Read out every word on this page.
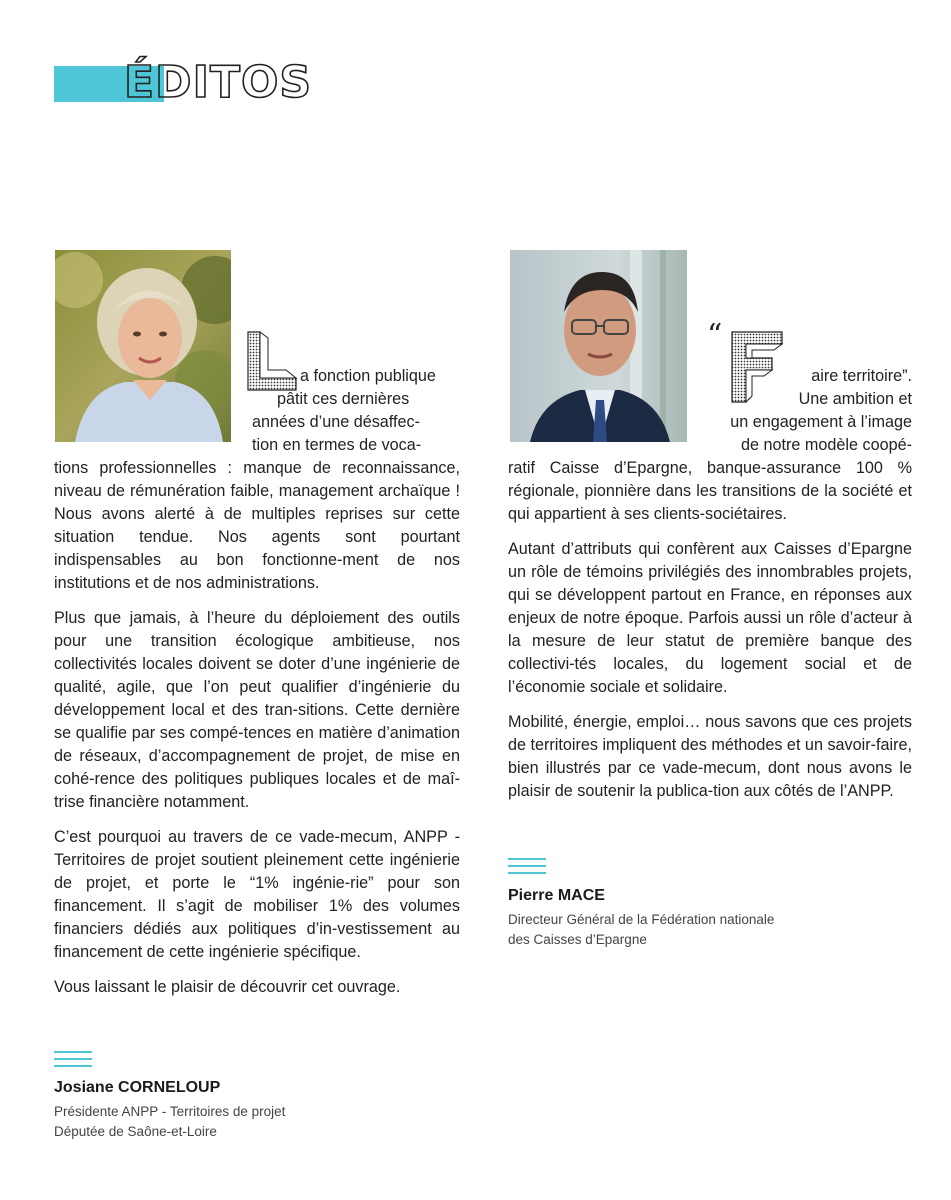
ÉDITOS
a fonction publique
pâtit ces dernières
années d’une désaffec-
tion en termes de voca-

tions professionnelles : manque de reconnaissance, niveau de rémunération faible, management archaïque ! Nous avons alerté à de multiples reprises sur cette situation tendue. Nos agents sont pourtant indispensables au bon fonctionne-ment de nos institutions et de nos administrations.

Plus que jamais, à l’heure du déploiement des outils pour une transition écologique ambitieuse, nos collectivités locales doivent se doter d’une ingénierie de qualité, agile, que l’on peut qualifier d’ingénierie du développement local et des tran-sitions. Cette dernière se qualifie par ses compé-tences en matière d’animation de réseaux, d’accompagnement de projet, de mise en cohé-rence des politiques publiques locales et de maî-trise financière notamment.

C’est pourquoi au travers de ce vade-mecum, ANPP - Territoires de projet soutient pleinement cette ingénierie de projet, et porte le “1% ingénie-rie” pour son financement. Il s’agit de mobiliser 1% des volumes financiers dédiés aux politiques d’in-vestissement au financement de cette ingénierie spécifique.

Vous laissant le plaisir de découvrir cet ouvrage.

Josiane CORNELOUP
Présidente ANPP - Territoires de projet
Députée de Saône-et-Loire
“
aire territoire”.
Une ambition et
un engagement à l’image
de notre modèle coopé-

ratif Caisse d’Epargne, banque-assurance 100 % régionale, pionnière dans les transitions de la société et qui appartient à ses clients-sociétaires.

Autant d’attributs qui confèrent aux Caisses d’Epargne un rôle de témoins privilégiés des innombrables projets, qui se développent partout en France, en réponses aux enjeux de notre époque. Parfois aussi un rôle d’acteur à la mesure de leur statut de première banque des collectivi-tés locales, du logement social et de l’économie sociale et solidaire.

Mobilité, énergie, emploi… nous savons que ces projets de territoires impliquent des méthodes et un savoir-faire, bien illustrés par ce vade-mecum, dont nous avons le plaisir de soutenir la publica-tion aux côtés de l’ANPP.

Pierre MACE
Directeur Général de la Fédération nationale
des Caisses d’Epargne
